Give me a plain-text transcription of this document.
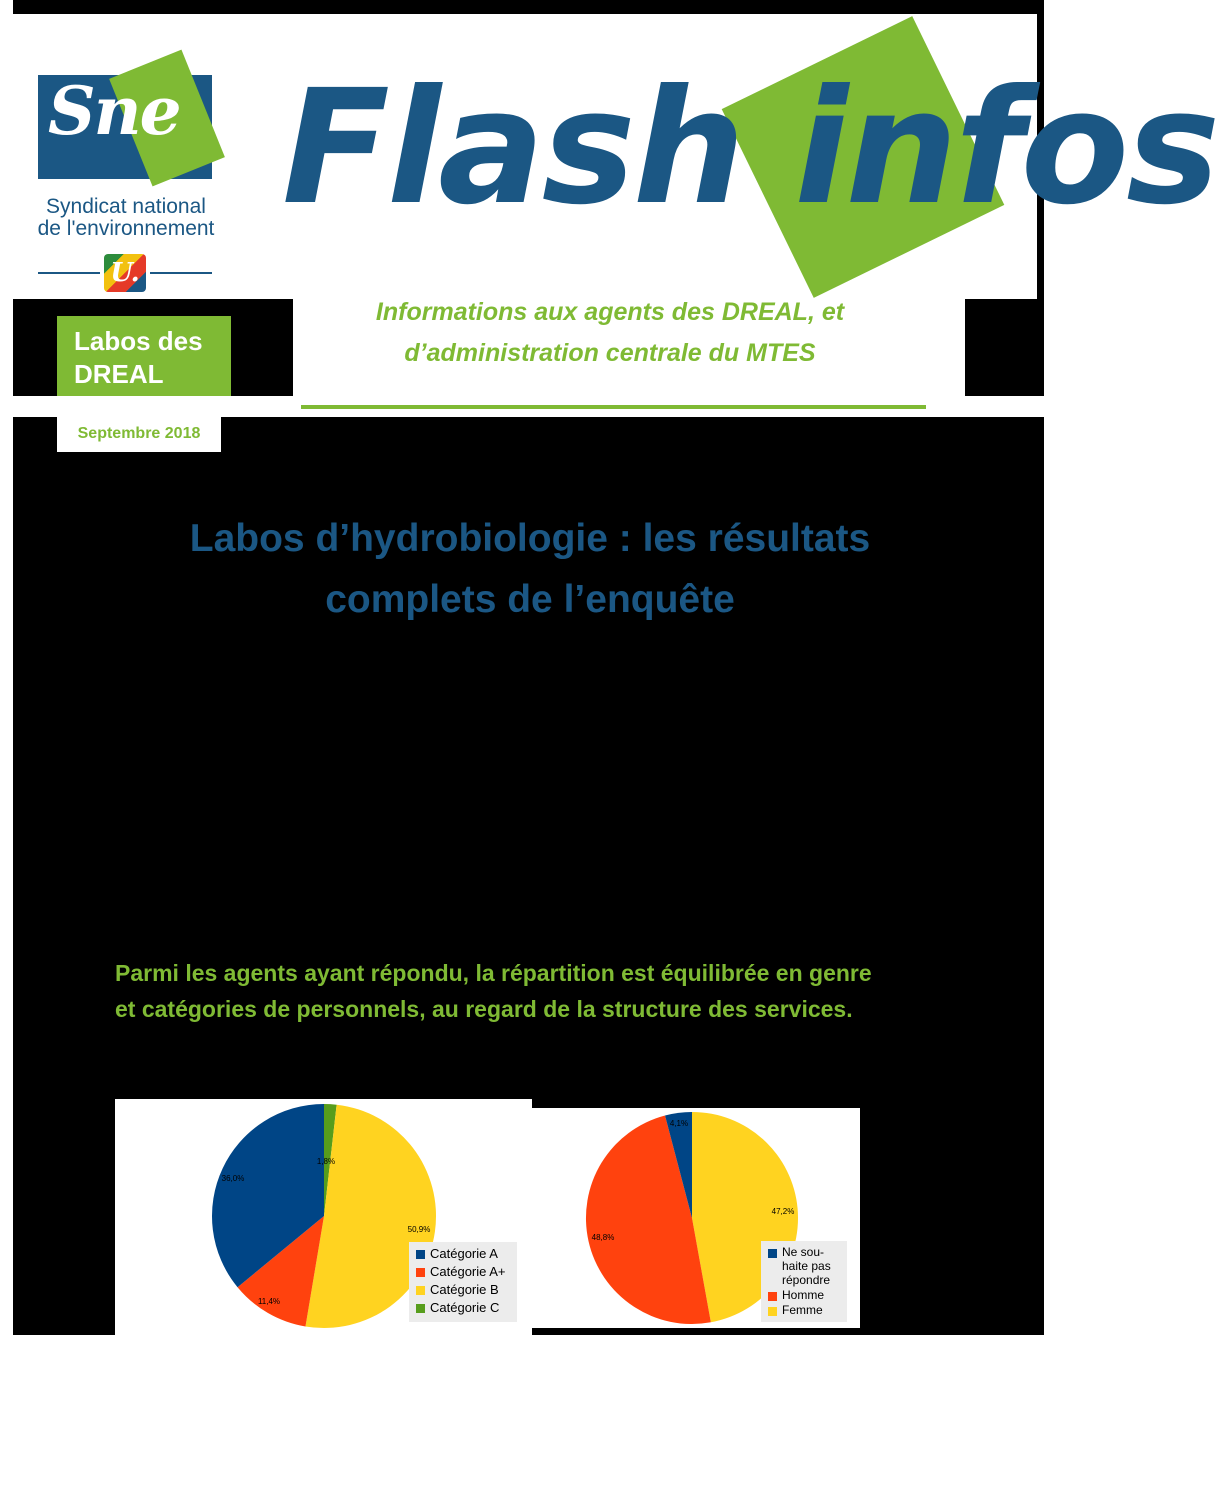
Sne
Syndicat national de l'environnement
U.
Flash infos
Labos des DREAL
Informations aux agents des DREAL, et
d’administration centrale du MTES
Septembre 2018
Labos d’hydrobiologie : les résultats
complets de l’enquête
Parmi les agents ayant répondu, la répartition est équilibrée en genre
et catégories de personnels, au regard de la structure des services.
1,8%
50,9%
11,4%
36,0%
Catégorie A
Catégorie A+
Catégorie B
Catégorie C
47,2%
48,8%
4,1%
Ne sou-haite pas répondre
Homme
Femme
